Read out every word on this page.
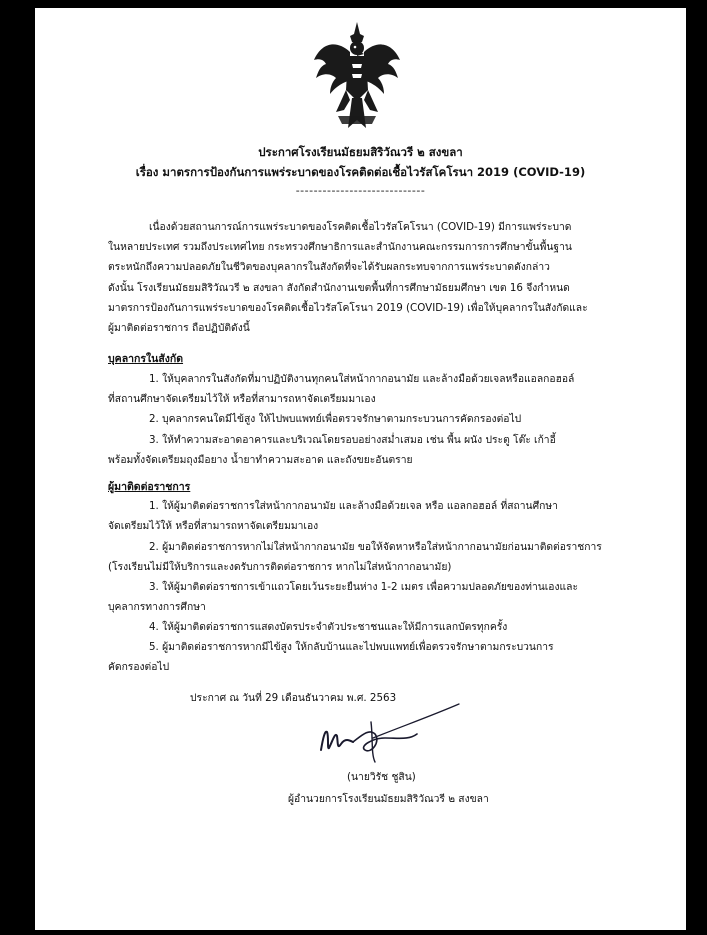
ประกาศโรงเรียนมัธยมสิริวัณวรี ๒ สงขลา
เรื่อง มาตรการป้องกันการแพร่ระบาดของโรคติดต่อเชื้อไวรัสโคโรนา 2019 (COVID-19)
-----------------------------
เนื่องด้วยสถานการณ์การแพร่ระบาดของโรคติดเชื้อไวรัสโคโรนา (COVID-19) มีการแพร่ระบาด
ในหลายประเทศ รวมถึงประเทศไทย กระทรวงศึกษาธิการและสำนักงานคณะกรรมการการศึกษาขั้นพื้นฐาน
ตระหนักถึงความปลอดภัยในชีวิตของบุคลากรในสังกัดที่จะได้รับผลกระทบจากการแพร่ระบาดดังกล่าว
ดังนั้น โรงเรียนมัธยมสิริวัณวรี ๒ สงขลา สังกัดสำนักงานเขตพื้นที่การศึกษามัธยมศึกษา เขต 16 จึงกำหนด
มาตรการป้องกันการแพร่ระบาดของโรคติดเชื้อไวรัสโคโรนา 2019 (COVID-19) เพื่อให้บุคลากรในสังกัดและ
ผู้มาติดต่อราชการ ถือปฏิบัติดังนี้
บุคลากรในสังกัด
1. ให้บุคลากรในสังกัดที่มาปฏิบัติงานทุกคนใส่หน้ากากอนามัย และล้างมือด้วยเจลหรือแอลกอฮอล์
ที่สถานศึกษาจัดเตรียมไว้ให้ หรือที่สามารถหาจัดเตรียมมาเอง
2. บุคลากรคนใดมีไข้สูง ให้ไปพบแพทย์เพื่อตรวจรักษาตามกระบวนการคัดกรองต่อไป
3. ให้ทำความสะอาดอาคารและบริเวณโดยรอบอย่างสม่ำเสมอ เช่น พื้น ผนัง ประตู โต๊ะ เก้าอี้
พร้อมทั้งจัดเตรียมถุงมือยาง น้ำยาทำความสะอาด และถังขยะอันตราย
ผู้มาติดต่อราชการ
1. ให้ผู้มาติดต่อราชการใส่หน้ากากอนามัย และล้างมือด้วยเจล หรือ แอลกอฮอล์ ที่สถานศึกษา
จัดเตรียมไว้ให้ หรือที่สามารถหาจัดเตรียมมาเอง
2. ผู้มาติดต่อราชการหากไม่ใส่หน้ากากอนามัย ขอให้จัดหาหรือใส่หน้ากากอนามัยก่อนมาติดต่อราชการ
(โรงเรียนไม่มีให้บริการและงดรับการติดต่อราชการ หากไม่ใส่หน้ากากอนามัย)
3. ให้ผู้มาติดต่อราชการเข้าแถวโดยเว้นระยะยืนห่าง 1-2 เมตร เพื่อความปลอดภัยของท่านเองและ
บุคลากรทางการศึกษา
4. ให้ผู้มาติดต่อราชการแสดงบัตรประจำตัวประชาชนและให้มีการแลกบัตรทุกครั้ง
5. ผู้มาติดต่อราชการหากมีไข้สูง ให้กลับบ้านและไปพบแพทย์เพื่อตรวจรักษาตามกระบวนการ
คัดกรองต่อไป
ประกาศ ณ วันที่ 29 เดือนธันวาคม พ.ศ. 2563
(นายวิรัช ชูสิน)
ผู้อำนวยการโรงเรียนมัธยมสิริวัณวรี ๒ สงขลา
